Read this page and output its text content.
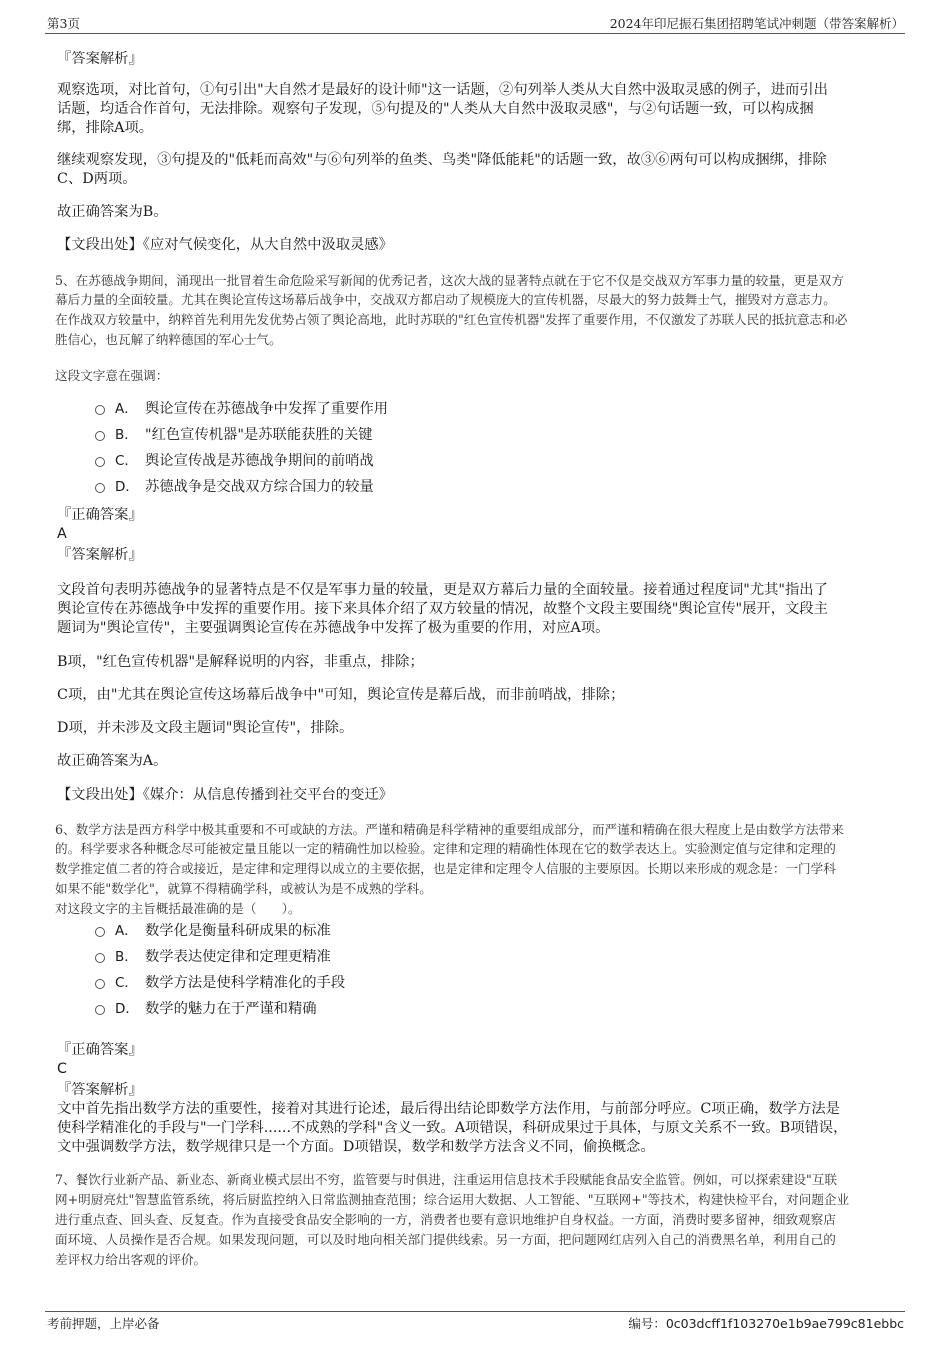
第3页	2024年印尼振石集团招聘笔试冲刺题（带答案解析）
『答案解析』
观察选项，对比首句，①句引出"大自然才是最好的设计师"这一话题，②句列举人类从大自然中汲取灵感的例子，进而引出
话题，均适合作首句，无法排除。观察句子发现，⑤句提及的"人类从大自然中汲取灵感"，与②句话题一致，可以构成捆
绑，排除A项。
继续观察发现，③句提及的"低耗而高效"与⑥句列举的鱼类、鸟类"降低能耗"的话题一致，故③⑥两句可以构成捆绑，排除
C、D两项。
故正确答案为B。
【文段出处】《应对气候变化，从大自然中汲取灵感》
5、在苏德战争期间，涌现出一批冒着生命危险采写新闻的优秀记者，这次大战的显著特点就在于它不仅是交战双方军事力量的较量，更是双方
幕后力量的全面较量。尤其在舆论宣传这场幕后战争中，交战双方都启动了规模庞大的宣传机器，尽最大的努力鼓舞士气，摧毁对方意志力。
在作战双方较量中，纳粹首先利用先发优势占领了舆论高地，此时苏联的"红色宣传机器"发挥了重要作用，不仅激发了苏联人民的抵抗意志和必
胜信心，也瓦解了纳粹德国的军心士气。
这段文字意在强调：
A． 舆论宣传在苏德战争中发挥了重要作用
B． "红色宣传机器"是苏联能获胜的关键
C． 舆论宣传战是苏德战争期间的前哨战
D． 苏德战争是交战双方综合国力的较量
『正确答案』
A
『答案解析』
文段首句表明苏德战争的显著特点是不仅是军事力量的较量，更是双方幕后力量的全面较量。接着通过程度词"尤其"指出了
舆论宣传在苏德战争中发挥的重要作用。接下来具体介绍了双方较量的情况，故整个文段主要围绕"舆论宣传"展开，文段主
题词为"舆论宣传"，主要强调舆论宣传在苏德战争中发挥了极为重要的作用，对应A项。
B项，"红色宣传机器"是解释说明的内容，非重点，排除；
C项，由"尤其在舆论宣传这场幕后战争中"可知，舆论宣传是幕后战，而非前哨战，排除；
D项，并未涉及文段主题词"舆论宣传"，排除。
故正确答案为A。
【文段出处】《媒介：从信息传播到社交平台的变迁》
6、数学方法是西方科学中极其重要和不可或缺的方法。严谨和精确是科学精神的重要组成部分，而严谨和精确在很大程度上是由数学方法带来
的。科学要求各种概念尽可能被定量且能以一定的精确性加以检验。定律和定理的精确性体现在它的数学表达上。实验测定值与定律和定理的
数学推定值二者的符合或接近，是定律和定理得以成立的主要依据，也是定律和定理令人信服的主要原因。长期以来形成的观念是：一门学科
如果不能"数学化"，就算不得精确学科，或被认为是不成熟的学科。
对这段文字的主旨概括最准确的是（　　）。
A． 数学化是衡量科研成果的标准
B． 数学表达使定律和定理更精准
C． 数学方法是使科学精准化的手段
D． 数学的魅力在于严谨和精确
『正确答案』
C
『答案解析』
文中首先指出数学方法的重要性，接着对其进行论述，最后得出结论即数学方法作用，与前部分呼应。C项正确，数学方法是
使科学精准化的手段与"一门学科......不成熟的学科"含义一致。A项错误，科研成果过于具体，与原文关系不一致。B项错误，
文中强调数学方法，数学规律只是一个方面。D项错误，数学和数学方法含义不同，偷换概念。
7、餐饮行业新产品、新业态、新商业模式层出不穷，监管要与时俱进，注重运用信息技术手段赋能食品安全监管。例如，可以探索建设"互联
网+明厨亮灶"智慧监管系统，将后厨监控纳入日常监测抽查范围；综合运用大数据、人工智能、"互联网+"等技术，构建快检平台，对问题企业
进行重点查、回头查、反复查。作为直接受食品安全影响的一方，消费者也要有意识地维护自身权益。一方面，消费时要多留神，细致观察店
面环境、人员操作是否合规。如果发现问题，可以及时地向相关部门提供线索。另一方面，把问题网红店列入自己的消费黑名单，利用自己的
差评权力给出客观的评价。
考前押题，上岸必备	编号：0c03dcff1f103270e1b9ae799c81ebbc
